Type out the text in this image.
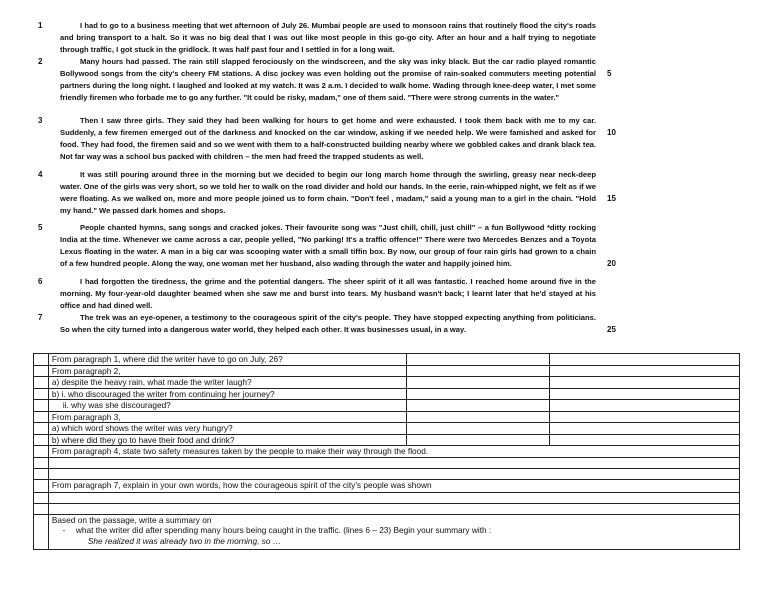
1	I had to go to a business meeting that wet afternoon of July 26. Mumbai people are used to monsoon rains that routinely flood the city's roads and bring transport to a halt. So it was no big deal that I was out like most people in this go-go city. After an hour and a half trying to negotiate through traffic, I got stuck in the gridlock. It was half past four and I settled in for a long wait.
2	Many hours had passed. The rain still slapped ferociously on the windscreen, and the sky was inky black. But the car radio played romantic Bollywood songs from the city's cheery FM stations. A disc jockey was even holding out the promise of rain-soaked commuters meeting potential partners during the long night. I laughed and looked at my watch. It was 2 a.m. I decided to walk home. Wading through knee-deep water, I met some friendly firemen who forbade me to go any further. "It could be risky, madam," one of them said. "There were strong currents in the water."
5
3	Then I saw three girls. They said they had been walking for hours to get home and were exhausted. I took them back with me to my car. Suddenly, a few firemen emerged out of the darkness and knocked on the car window, asking if we needed help. We were famished and asked for food. They had food, the firemen said and so we went with them to a half-constructed building nearby where we gobbled cakes and drank black tea. Not far way was a school bus packed with children – the men had freed the trapped students as well.
10
4	It was still pouring around three in the morning but we decided to begin our long march home through the swirling, greasy near neck-deep water. One of the girls was very short, so we told her to walk on the road divider and hold our hands. In the eerie, rain-whipped night, we felt as if we were floating. As we walked on, more and more people joined us to form chain. "Don't feel , madam," said a young man to a girl in the chain. "Hold my hand." We passed dark homes and shops.
15
5	People chanted hymns, sang songs and cracked jokes. Their favourite song was "Just chill, chill, just chill" – a fun Bollywood *ditty rocking India at the time. Whenever we came across a car, people yelled, "No parking! It's a traffic offence!" There were two Mercedes Benzes and a Toyota Lexus floating in the water. A man in a big car was scooping water with a small tiffin box. By now, our group of four rain girls had grown to a chain of a few hundred people. Along the way, one woman met her husband, also wading through the water and happily joined him.	20
6	I had forgotten the tiredness, the grime and the potential dangers. The sheer spirit of it all was fantastic. I reached home around five in the morning. My four-year-old daughter beamed when she saw me and burst into tears. My husband wasn't back; I learnt later that he'd stayed at his office and had dined well.
7	The trek was an eye-opener, a testimony to the courageous spirit of the city's people. They have stopped expecting anything from politicians. So when the city turned into a dangerous water world, they helped each other. It was businesses usual, in a way.	25
	From paragraph 1, where did the writer have to go on July, 26?		
	From paragraph 2,		
	a) despite the heavy rain, what made the writer laugh?		
	b) i. who discouraged the writer from continuing her journey?		
	ii. why was she discouraged?		
	From paragraph 3,		
	a) which word shows the writer was very hungry?		
	b) where did they go to have their food and drink?		
	From paragraph 4, state two safety measures taken by the people to make their way through the flood.		

	From paragraph 7, explain in your own words, how the courageous spirit of the city's people was shown		

	Based on the passage, write a summary on
- what the writer did after spending many hours being caught in the traffic. (lines 6 – 23) Begin your summary with :
She realized it was already two in the morning, so …		
